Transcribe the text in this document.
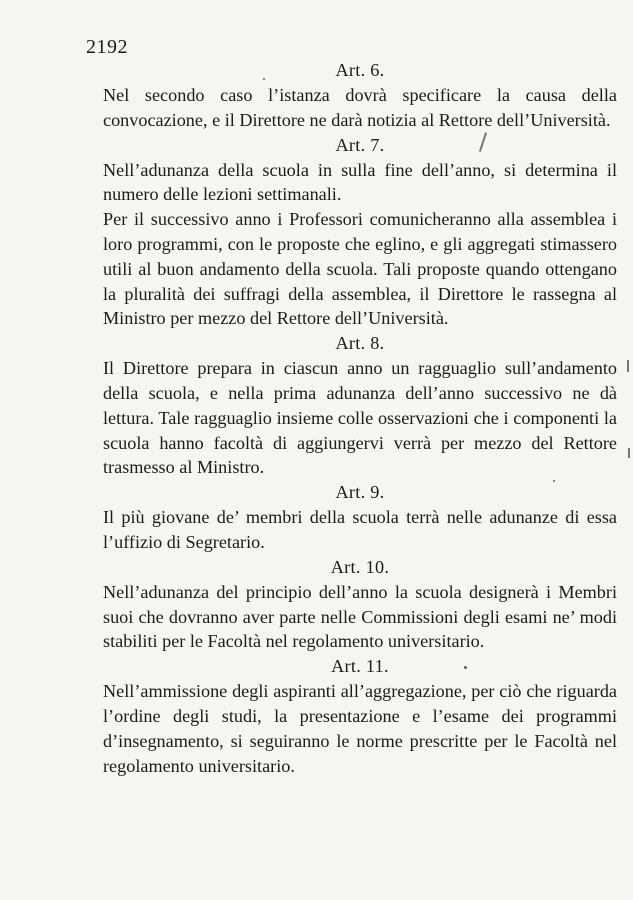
2192

Art. 6.

Nel secondo caso l’istanza dovrà specificare la causa della convocazione, e il Direttore ne darà notizia al Rettore dell’Università.

Art. 7.

Nell’adunanza della scuola in sulla fine dell’anno, si determina il numero delle lezioni settimanali.

Per il successivo anno i Professori comunicheranno alla assemblea i loro programmi, con le proposte che eglino, e gli aggregati stimassero utili al buon andamento della scuola. Tali proposte quando ottengano la pluralità dei suffragi della assemblea, il Direttore le rassegna al Ministro per mezzo del Rettore dell’Università.

Art. 8.

Il Direttore prepara in ciascun anno un ragguaglio sull’andamento della scuola, e nella prima adunanza dell’anno successivo ne dà lettura. Tale ragguaglio insieme colle osservazioni che i componenti la scuola hanno facoltà di aggiungervi verrà per mezzo del Rettore trasmesso al Ministro.

Art. 9.

Il più giovane de’ membri della scuola terrà nelle adunanze di essa l’uffizio di Segretario.

Art. 10.

Nell’adunanza del principio dell’anno la scuola designerà i Membri suoi che dovranno aver parte nelle Commissioni degli esami ne’ modi stabiliti per le Facoltà nel regolamento universitario.

Art. 11.

Nell’ammissione degli aspiranti all’aggregazione, per ciò che riguarda l’ordine degli studi, la presentazione e l’esame dei programmi d’insegnamento, si seguiranno le norme prescritte per le Facoltà nel regolamento universitario.
